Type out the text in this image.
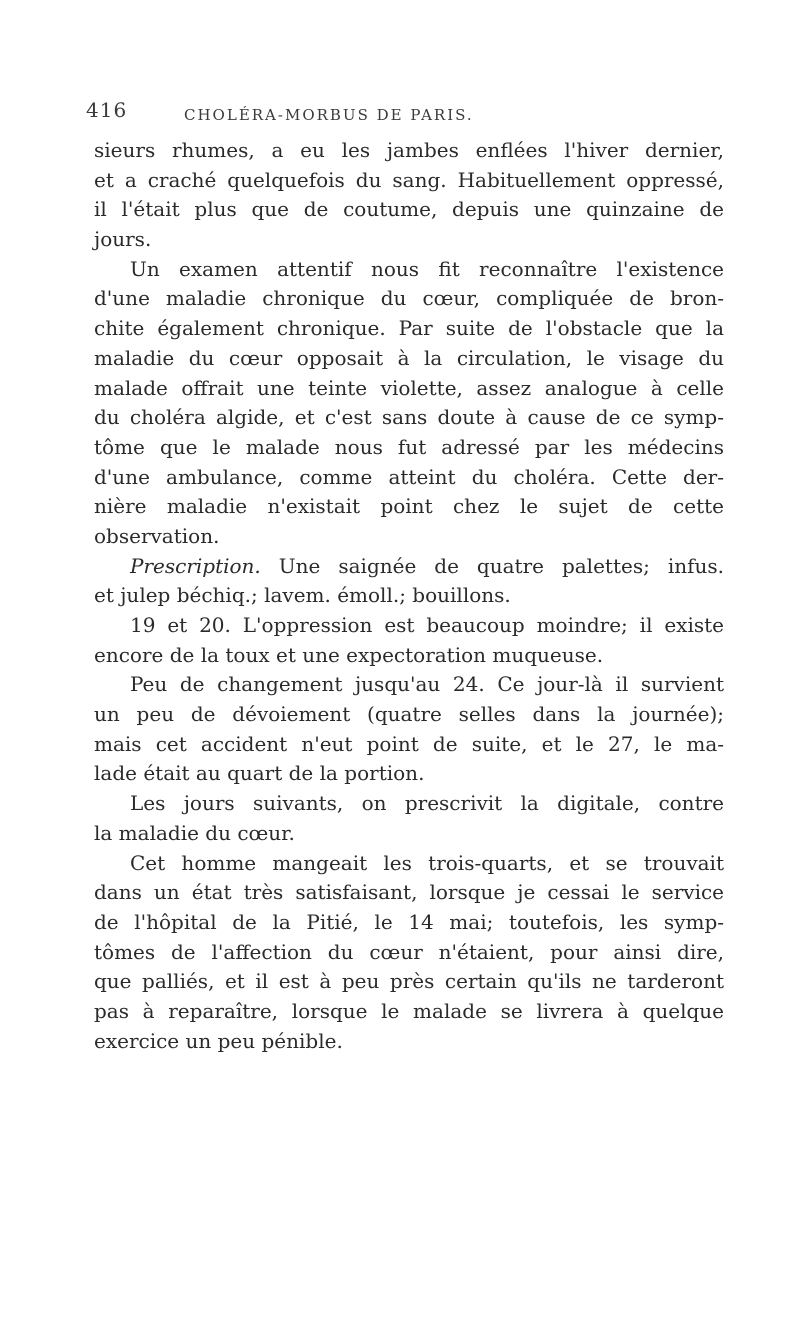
416	CHOLÉRA-MORBUS DE PARIS.
sieurs rhumes, a eu les jambes enflées l'hiver dernier,
et a craché quelquefois du sang. Habituellement oppressé,
il l'était plus que de coutume, depuis une quinzaine de
jours.
Un examen attentif nous fit reconnaître l'existence
d'une maladie chronique du cœur, compliquée de bron-
chite également chronique. Par suite de l'obstacle que la
maladie du cœur opposait à la circulation, le visage du
malade offrait une teinte violette, assez analogue à celle
du choléra algide, et c'est sans doute à cause de ce symp-
tôme que le malade nous fut adressé par les médecins
d'une ambulance, comme atteint du choléra. Cette der-
nière maladie n'existait point chez le sujet de cette
observation.
Prescription. Une saignée de quatre palettes; infus.
et julep béchiq.; lavem. émoll.; bouillons.
19 et 20. L'oppression est beaucoup moindre; il existe
encore de la toux et une expectoration muqueuse.
Peu de changement jusqu'au 24. Ce jour-là il survient
un peu de dévoiement (quatre selles dans la journée);
mais cet accident n'eut point de suite, et le 27, le ma-
lade était au quart de la portion.
Les jours suivants, on prescrivit la digitale, contre
la maladie du cœur.
Cet homme mangeait les trois-quarts, et se trouvait
dans un état très satisfaisant, lorsque je cessai le service
de l'hôpital de la Pitié, le 14 mai; toutefois, les symp-
tômes de l'affection du cœur n'étaient, pour ainsi dire,
que palliés, et il est à peu près certain qu'ils ne tarderont
pas à reparaître, lorsque le malade se livrera à quelque
exercice un peu pénible.
